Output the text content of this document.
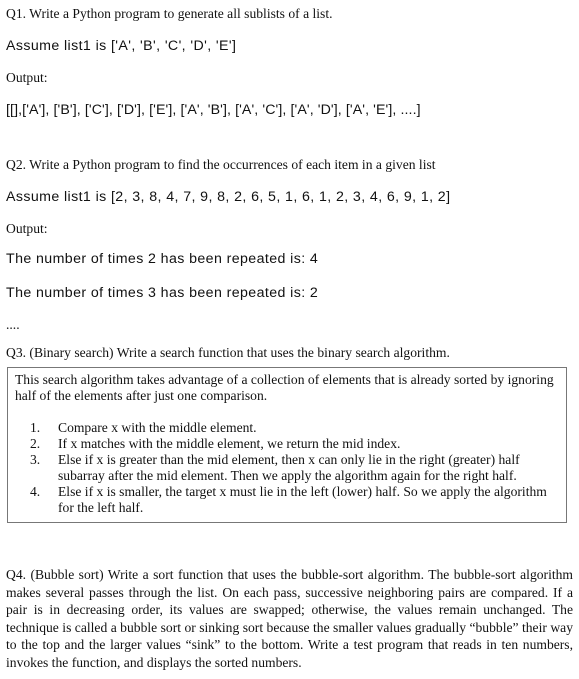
Q1. Write a Python program to generate all sublists of a list.
Assume list1 is ['A', 'B', 'C', 'D', 'E']
Output:
[[],['A'], ['B'], ['C'], ['D'], ['E'], ['A', 'B'], ['A', 'C'], ['A', 'D'], ['A', 'E'], ....]
Q2. Write a Python program to find the occurrences of each item in a given list
Assume list1 is [2, 3, 8, 4, 7, 9, 8, 2, 6, 5, 1, 6, 1, 2, 3, 4, 6, 9, 1, 2]
Output:
The number of times 2 has been repeated is: 4
The number of times 3 has been repeated is: 2
....
Q3. (Binary search) Write a search function that uses the binary search algorithm.
This search algorithm takes advantage of a collection of elements that is already sorted by ignoring half of the elements after just one comparison.
1. Compare x with the middle element.
2. If x matches with the middle element, we return the mid index.
3. Else if x is greater than the mid element, then x can only lie in the right (greater) half subarray after the mid element. Then we apply the algorithm again for the right half.
4. Else if x is smaller, the target x must lie in the left (lower) half. So we apply the algorithm for the left half.
Q4. (Bubble sort) Write a sort function that uses the bubble-sort algorithm. The bubble-sort algorithm makes several passes through the list. On each pass, successive neighboring pairs are compared. If a pair is in decreasing order, its values are swapped; otherwise, the values remain unchanged. The technique is called a bubble sort or sinking sort because the smaller values gradually “bubble” their way to the top and the larger values “sink” to the bottom. Write a test program that reads in ten numbers, invokes the function, and displays the sorted numbers.
